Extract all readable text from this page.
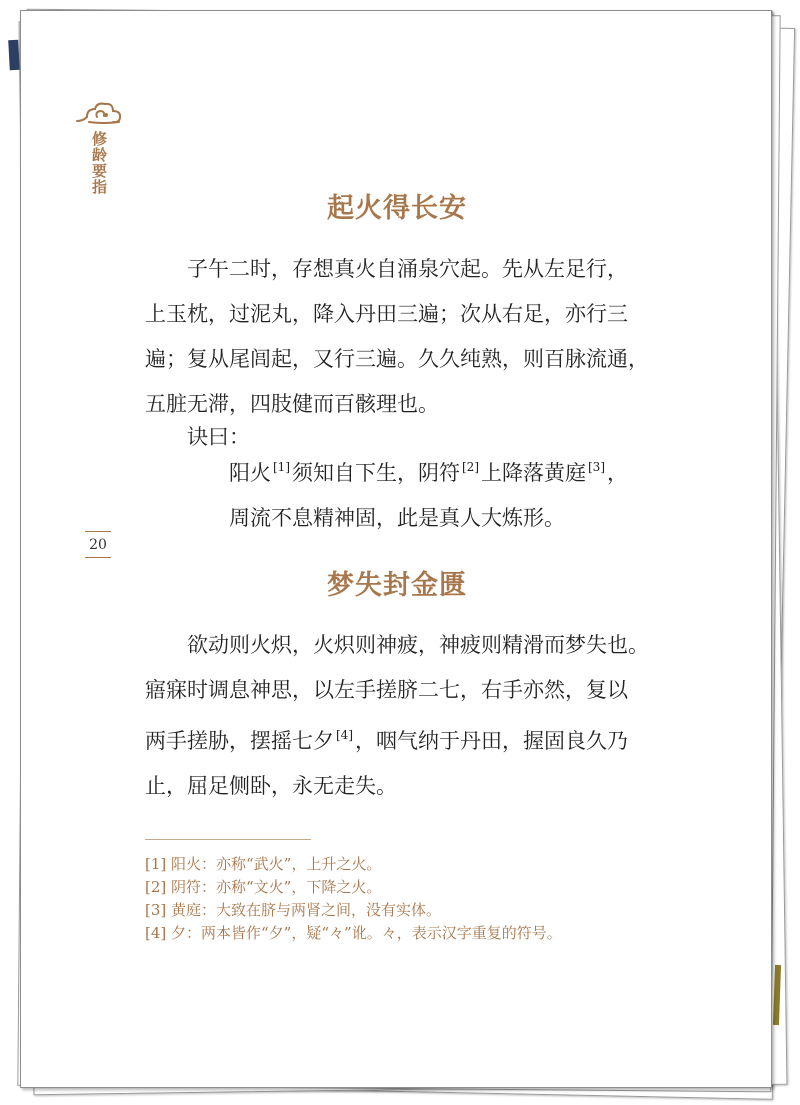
修龄要指
起火得长安
子午二时，存想真火自涌泉穴起。先从左足行，
上玉枕，过泥丸，降入丹田三遍；次从右足，亦行三
遍；复从尾闾起，又行三遍。久久纯熟，则百脉流通，
五脏无滞，四肢健而百骸理也。
诀曰：
阳火 [1]须知自下生，阴符 [2]上降落黄庭 [3]，
周流不息精神固，此是真人大炼形。
20
梦失封金匮
欲动则火炽，火炽则神疲，神疲则精滑而梦失也。
寤寐时调息神思，以左手搓脐二七，右手亦然，复以
两手搓胁，摆摇七夕 [4]，咽气纳于丹田，握固良久乃
止，屈足侧卧，永无走失。
[1] 阳火：亦称“武火”，上升之火。
[2] 阴符：亦称“文火”，下降之火。
[3] 黄庭：大致在脐与两肾之间，没有实体。
[4] 夕：两本皆作“夕”，疑“々”讹。々，表示汉字重复的符号。
